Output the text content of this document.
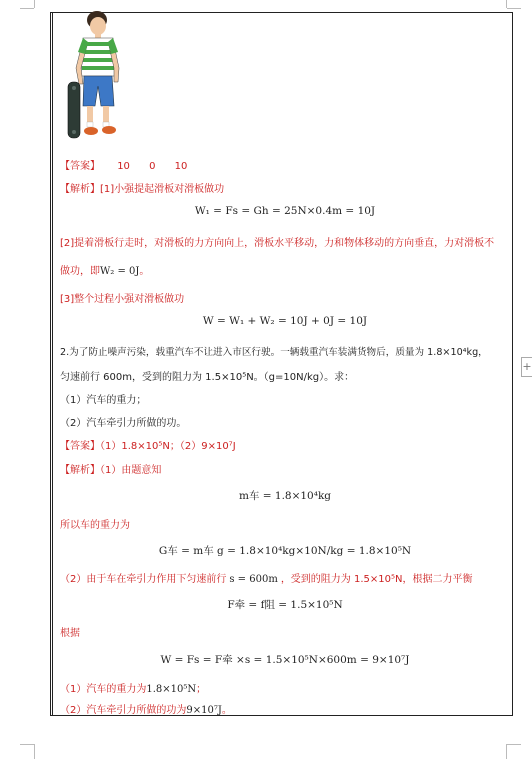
+
【答案】 10 0 10
【解析】[1]小强提起滑板对滑板做功
W₁ = Fs = Gh = 25N×0.4m = 10J
[2]提着滑板行走时，对滑板的力方向向上，滑板水平移动，力和物体移动的方向垂直，力对滑板不
做功，即W₂ = 0J。
[3]整个过程小强对滑板做功
W = W₁ + W₂ = 10J + 0J = 10J
2.为了防止噪声污染，载重汽车不让进入市区行驶。一辆载重汽车装满货物后，质量为 1.8×10⁴kg，
匀速前行 600m，受到的阻力为 1.5×10⁵N。（g=10N/kg）。求：
（1）汽车的重力；
（2）汽车牵引力所做的功。
【答案】（1）1.8×10⁵N；（2）9×10⁷J
【解析】（1）由题意知
m车 = 1.8×10⁴kg
所以车的重力为
G车 = m车 g = 1.8×10⁴kg×10N/kg = 1.8×10⁵N
（2）由于车在牵引力作用下匀速前行 s = 600m ，受到的阻力为 1.5×10⁵N，根据二力平衡
F牵 = f阻 = 1.5×10⁵N
根据
W = Fs = F牵 ×s = 1.5×10⁵N×600m = 9×10⁷J
（1）汽车的重力为1.8×10⁵N；
（2）汽车牵引力所做的功为9×10⁷J。
